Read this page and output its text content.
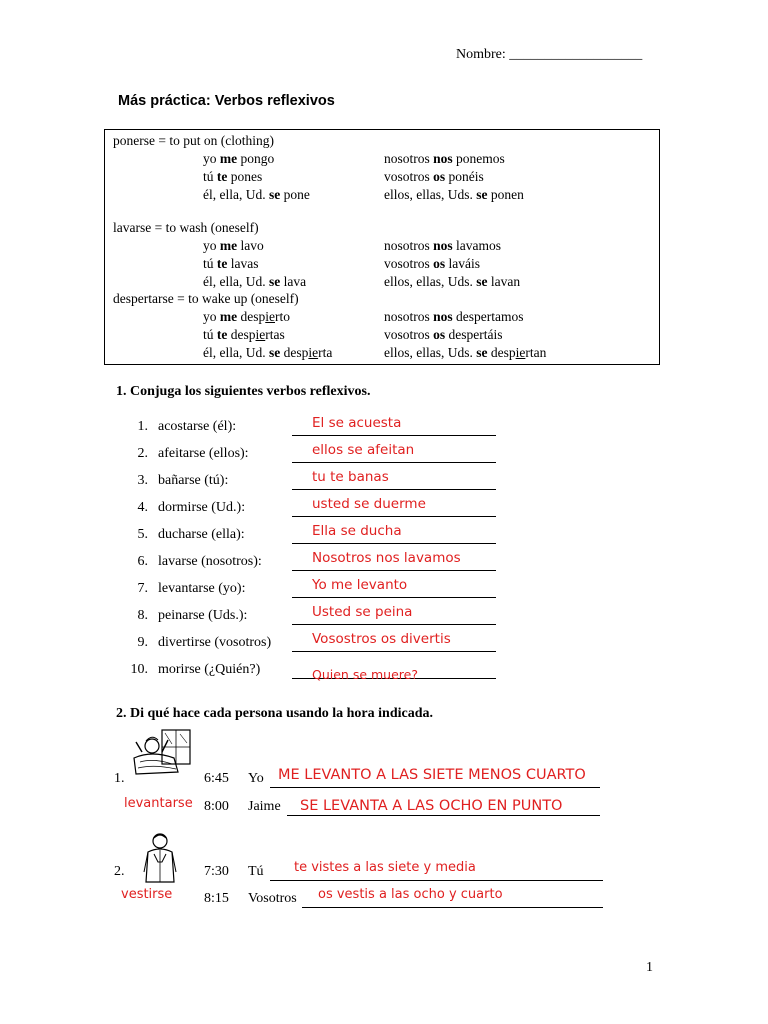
Nombre: ___________________
Más práctica: Verbos reflexivos
ponerse = to put on (clothing)
yo me pongo	nosotros nos ponemos
tú te pones	vosotros os ponéis
él, ella, Ud. se pone	ellos, ellas, Uds. se ponen
lavarse = to wash (oneself)
yo me lavo	nosotros nos lavamos
tú te lavas	vosotros os laváis
él, ella, Ud. se lava	ellos, ellas, Uds. se lavan
despertarse = to wake up (oneself)
yo me despierto	nosotros nos despertamos
tú te despiertas	vosotros os despertáis
él, ella, Ud. se despierta	ellos, ellas, Uds. se despiertan
1. Conjuga los siguientes verbos reflexivos.
1. acostarse (él):	El se acuesta
2. afeitarse (ellos):	ellos se afeitan
3. bañarse (tú):	tu te banas
4. dormirse (Ud.):	usted se duerme
5. ducharse (ella):	Ella se ducha
6. lavarse (nosotros):	Nosotros nos lavamos
7. levantarse (yo):	Yo me levanto
8. peinarse (Uds.):	Usted se peina
9. divertirse (vosotros)	Vosostros os divertis
10. morirse (¿Quién?)	Quien se muere?
2. Di qué hace cada persona usando la hora indicada.
1.
levantarse
6:45 Yo ME LEVANTO A LAS SIETE MENOS CUARTO
8:00 Jaime SE LEVANTA A LAS OCHO EN PUNTO
2.
vestirse
7:30 Tú te vistes a las siete y media
8:15 Vosotros os vestis a las ocho y cuarto
1
